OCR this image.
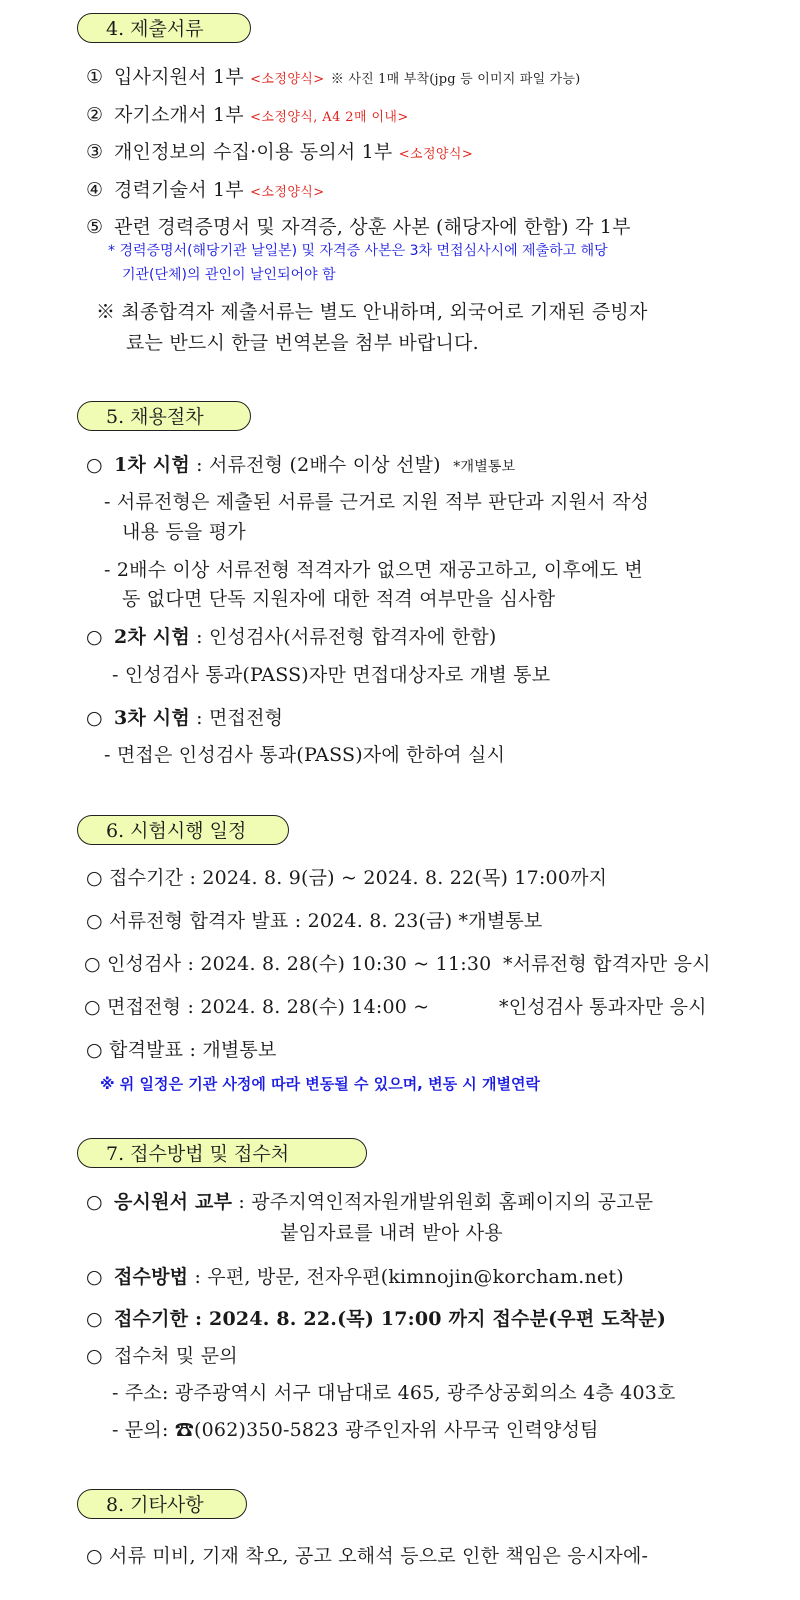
4. 제출서류
① 입사지원서 1부 <소정양식> ※ 사진 1매 부착(jpg 등 이미지 파일 가능)
② 자기소개서 1부 <소정양식, A4 2매 이내>
③ 개인정보의 수집·이용 동의서 1부 <소정양식>
④ 경력기술서 1부 <소정양식>
⑤ 관련 경력증명서 및 자격증, 상훈 사본 (해당자에 한함) 각 1부
* 경력증명서(해당기관 날일본) 및 자격증 사본은 3차 면접심사시에 제출하고 해당
기관(단체)의 관인이 날인되어야 함
※ 최종합격자 제출서류는 별도 안내하며, 외국어로 기재된 증빙자
료는 반드시 한글 번역본을 첨부 바랍니다.
5. 채용절차
○ 1차 시험 : 서류전형 (2배수 이상 선발) *개별통보
- 서류전형은 제출된 서류를 근거로 지원 적부 판단과 지원서 작성
내용 등을 평가
- 2배수 이상 서류전형 적격자가 없으면 재공고하고, 이후에도 변
동 없다면 단독 지원자에 대한 적격 여부만을 심사함
○ 2차 시험 : 인성검사(서류전형 합격자에 한함)
- 인성검사 통과(PASS)자만 면접대상자로 개별 통보
○ 3차 시험 : 면접전형
- 면접은 인성검사 통과(PASS)자에 한하여 실시
6. 시험시행 일정
○ 접수기간 : 2024. 8. 9(금) ~ 2024. 8. 22(목) 17:00까지
○ 서류전형 합격자 발표 : 2024. 8. 23(금) *개별통보
○ 인성검사 : 2024. 8. 28(수) 10:30 ~ 11:30 *서류전형 합격자만 응시
○ 면접전형 : 2024. 8. 28(수) 14:00 ~	*인성검사 통과자만 응시
○ 합격발표 : 개별통보
※ 위 일정은 기관 사정에 따라 변동될 수 있으며, 변동 시 개별연락
7. 접수방법 및 접수처
○ 응시원서 교부 : 광주지역인적자원개발위원회 홈페이지의 공고문
붙임자료를 내려 받아 사용
○ 접수방법 : 우편, 방문, 전자우편(kimnojin@korcham.net)
○ 접수기한 : 2024. 8. 22.(목) 17:00 까지 접수분(우편 도착분)
○ 접수처 및 문의
- 주소: 광주광역시 서구 대남대로 465, 광주상공회의소 4층 403호
- 문의: ☎(062)350-5823 광주인자위 사무국 인력양성팀
8. 기타사항
○ 서류 미비, 기재 착오, 공고 오해석 등으로 인한 책임은 응시자에-
